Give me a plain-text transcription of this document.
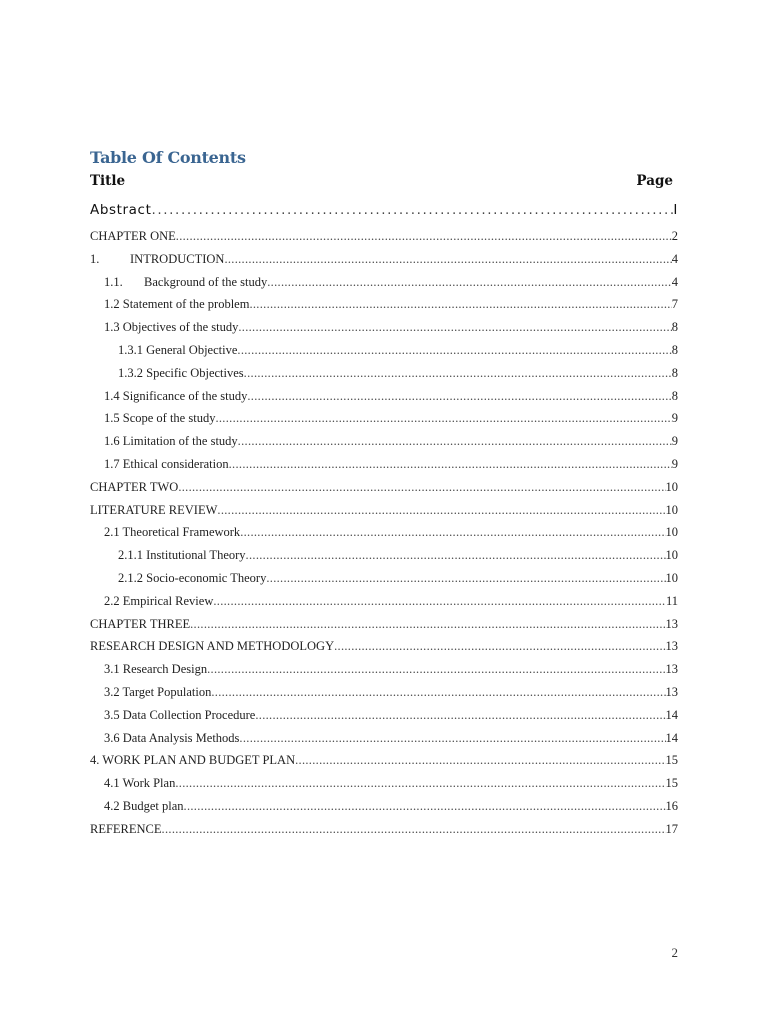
Table Of Contents
Title	Page
Abstract .....	I
CHAPTER ONE .....	2
1. INTRODUCTION .....	4
1.1. Background of the study .....	4
1.2 Statement of the problem .....	7
1.3 Objectives of the study .....	8
1.3.1 General Objective .....	8
1.3.2 Specific Objectives .....	8
1.4 Significance of the study .....	8
1.5 Scope of the study .....	9
1.6 Limitation of the study .....	9
1.7 Ethical consideration .....	9
CHAPTER TWO .....	10
LITERATURE REVIEW .....	10
2.1 Theoretical Framework .....	10
2.1.1 Institutional Theory .....	10
2.1.2 Socio-economic Theory .....	10
2.2 Empirical Review .....	11
CHAPTER THREE .....	13
RESEARCH DESIGN AND METHODOLOGY .....	13
3.1 Research Design .....	13
3.2 Target Population .....	13
3.5 Data Collection Procedure .....	14
3.6 Data Analysis Methods .....	14
4. WORK PLAN AND BUDGET PLAN .....	15
4.1 Work Plan .....	15
4.2 Budget plan .....	16
REFERENCE .....	17
2
